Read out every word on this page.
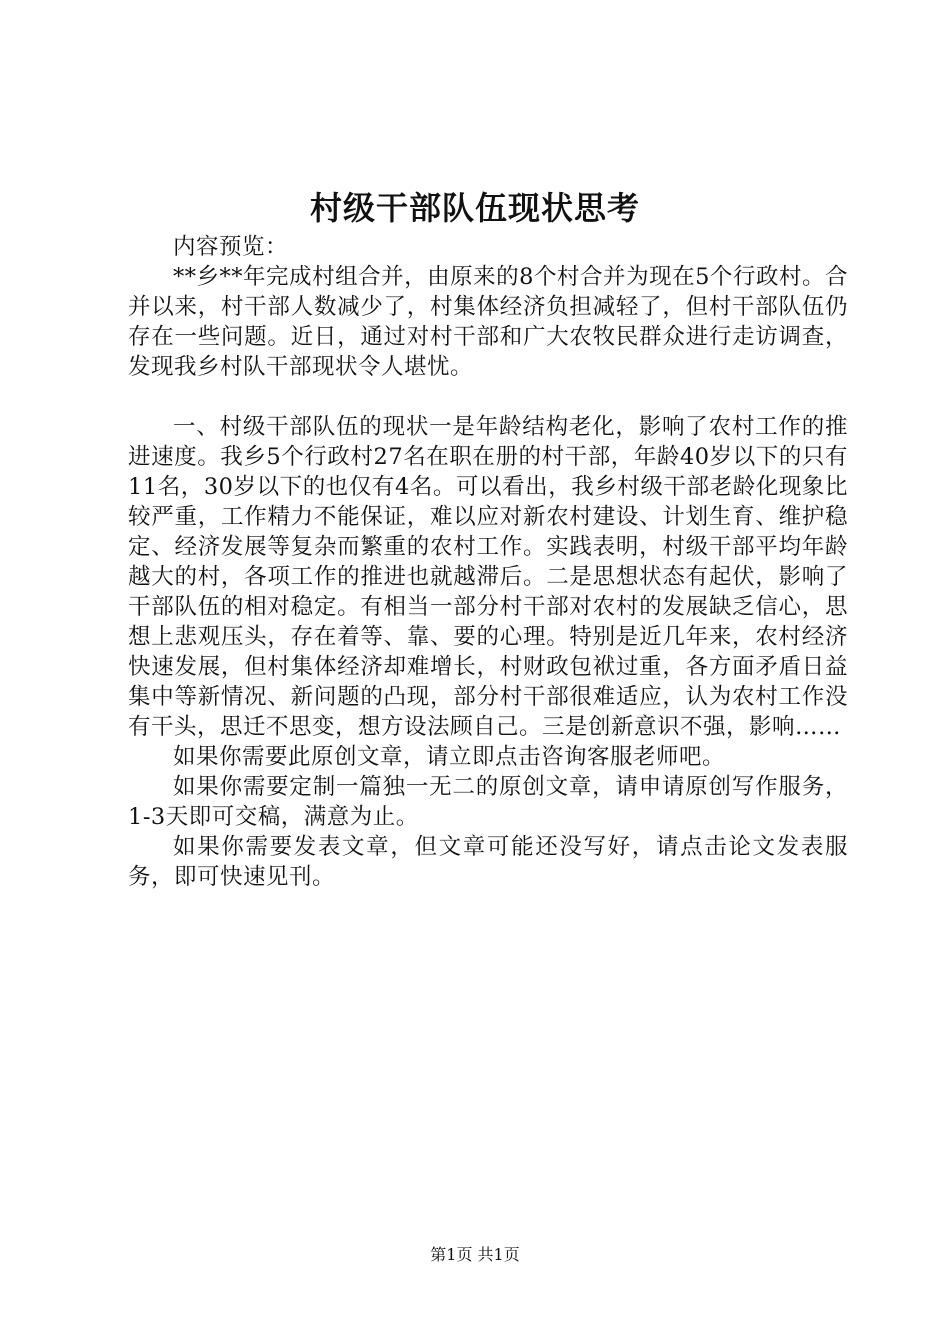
村级干部队伍现状思考

内容预览：

**乡**年完成村组合并，由原来的8个村合并为现在5个行政村。合并以来，村干部人数减少了，村集体经济负担减轻了，但村干部队伍仍存在一些问题。近日，通过对村干部和广大农牧民群众进行走访调查，发现我乡村队干部现状令人堪忧。

一、村级干部队伍的现状一是年龄结构老化，影响了农村工作的推进速度。我乡5个行政村27名在职在册的村干部，年龄40岁以下的只有11名，30岁以下的也仅有4名。可以看出，我乡村级干部老龄化现象比较严重，工作精力不能保证，难以应对新农村建设、计划生育、维护稳定、经济发展等复杂而繁重的农村工作。实践表明，村级干部平均年龄越大的村，各项工作的推进也就越滞后。二是思想状态有起伏，影响了干部队伍的相对稳定。有相当一部分村干部对农村的发展缺乏信心，思想上悲观压头，存在着等、靠、要的心理。特别是近几年来，农村经济快速发展，但村集体经济却难增长，村财政包袱过重，各方面矛盾日益集中等新情况、新问题的凸现，部分村干部很难适应，认为农村工作没有干头，思迁不思变，想方设法顾自己。三是创新意识不强，影响……

如果你需要此原创文章，请立即点击咨询客服老师吧。

如果你需要定制一篇独一无二的原创文章，请申请原创写作服务，1-3天即可交稿，满意为止。

如果你需要发表文章，但文章可能还没写好，请点击论文发表服务，即可快速见刊。

第1页 共1页
